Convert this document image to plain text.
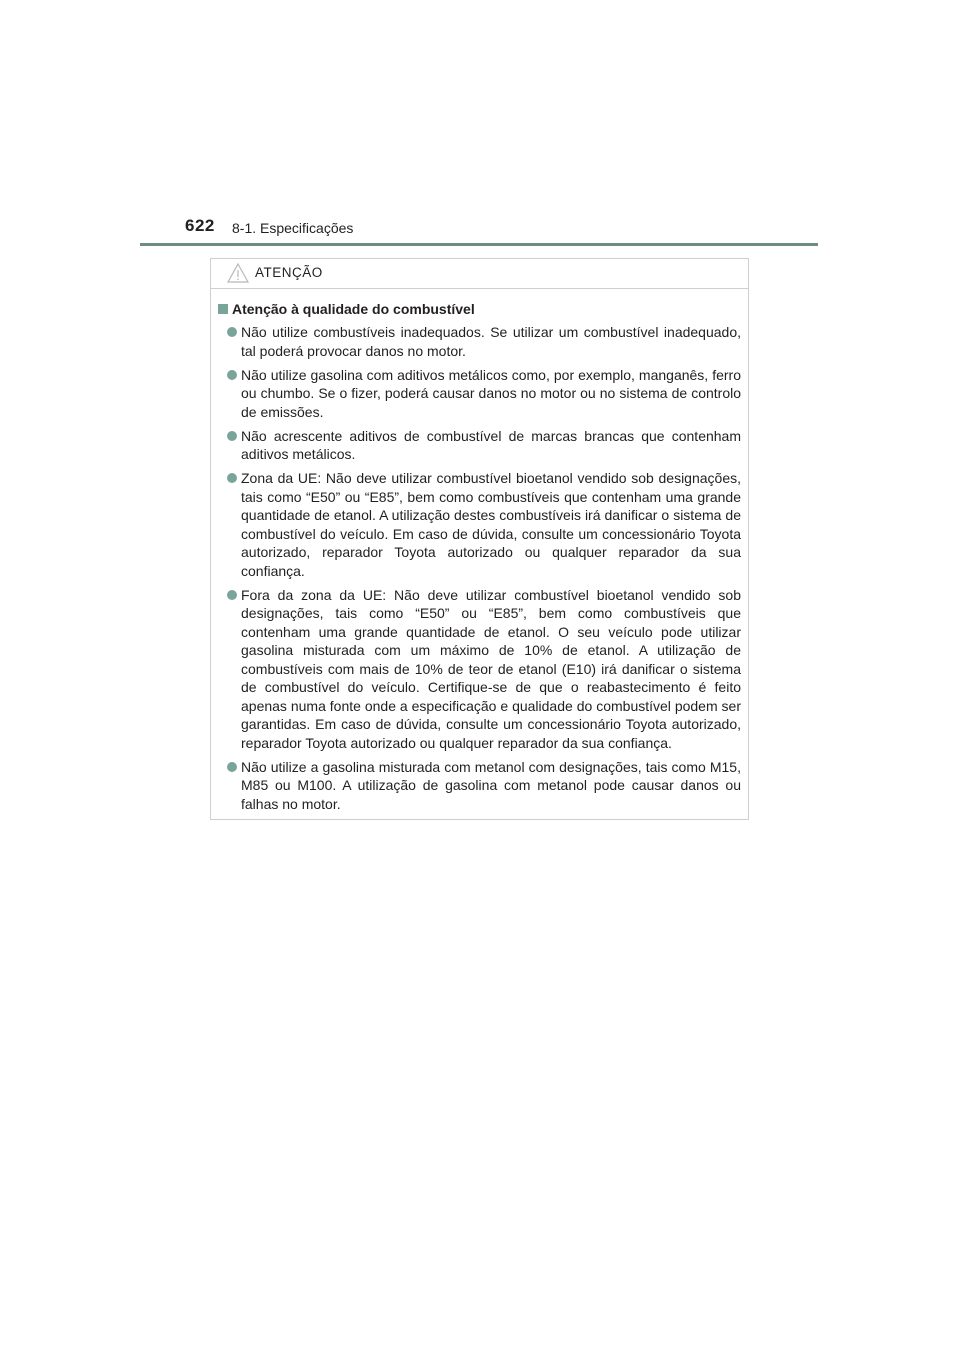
622 8-1. Especificações
ATENÇÃO
Atenção à qualidade do combustível
Não utilize combustíveis inadequados. Se utilizar um combustível inadequado, tal poderá provocar danos no motor.
Não utilize gasolina com aditivos metálicos como, por exemplo, manganês, ferro ou chumbo. Se o fizer, poderá causar danos no motor ou no sistema de controlo de emissões.
Não acrescente aditivos de combustível de marcas brancas que contenham aditivos metálicos.
Zona da UE: Não deve utilizar combustível bioetanol vendido sob designações, tais como “E50” ou “E85”, bem como combustíveis que contenham uma grande quantidade de etanol. A utilização destes combustíveis irá danificar o sistema de combustível do veículo. Em caso de dúvida, consulte um concessionário Toyota autorizado, reparador Toyota autorizado ou qualquer reparador da sua confiança.
Fora da zona da UE: Não deve utilizar combustível bioetanol vendido sob designações, tais como “E50” ou “E85”, bem como combustíveis que contenham uma grande quantidade de etanol. O seu veículo pode utilizar gasolina misturada com um máximo de 10% de etanol. A utilização de combustíveis com mais de 10% de teor de etanol (E10) irá danificar o sistema de combustível do veículo. Certifique-se de que o reabastecimento é feito apenas numa fonte onde a especificação e qualidade do combustível podem ser garantidas. Em caso de dúvida, consulte um concessionário Toyota autorizado, reparador Toyota autorizado ou qualquer reparador da sua confiança.
Não utilize a gasolina misturada com metanol com designações, tais como M15, M85 ou M100. A utilização de gasolina com metanol pode causar danos ou falhas no motor.
